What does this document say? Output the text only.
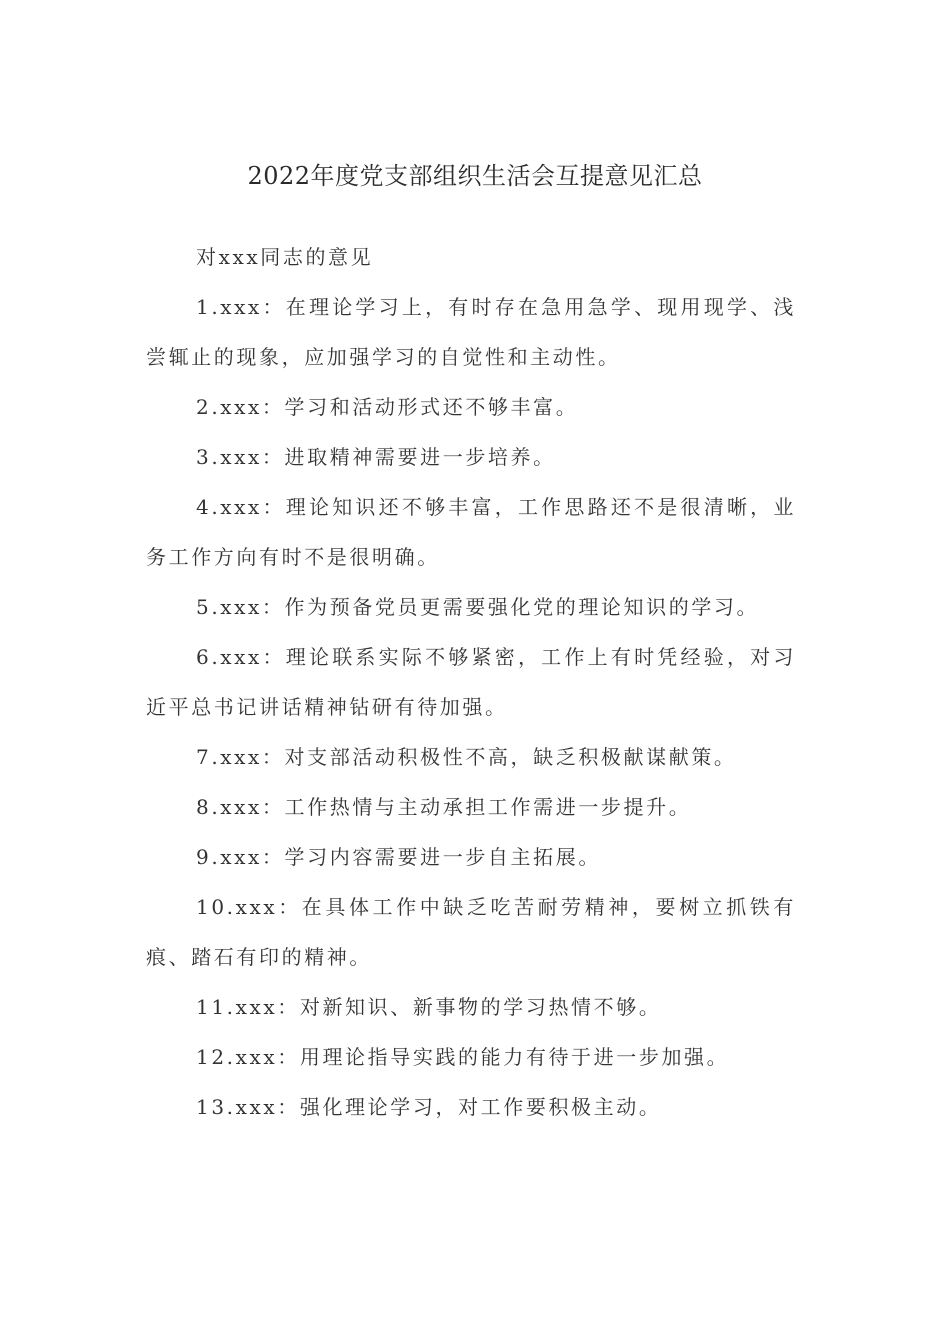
2022年度党支部组织生活会互提意见汇总

对xxx同志的意见

1.xxx：在理论学习上，有时存在急用急学、现用现学、浅尝辄止的现象，应加强学习的自觉性和主动性。

2.xxx：学习和活动形式还不够丰富。

3.xxx：进取精神需要进一步培养。

4.xxx：理论知识还不够丰富，工作思路还不是很清晰，业务工作方向有时不是很明确。

5.xxx：作为预备党员更需要强化党的理论知识的学习。

6.xxx：理论联系实际不够紧密，工作上有时凭经验，对习近平总书记讲话精神钻研有待加强。

7.xxx：对支部活动积极性不高，缺乏积极献谋献策。

8.xxx：工作热情与主动承担工作需进一步提升。

9.xxx：学习内容需要进一步自主拓展。

10.xxx：在具体工作中缺乏吃苦耐劳精神，要树立抓铁有痕、踏石有印的精神。

11.xxx：对新知识、新事物的学习热情不够。

12.xxx：用理论指导实践的能力有待于进一步加强。

13.xxx：强化理论学习，对工作要积极主动。
